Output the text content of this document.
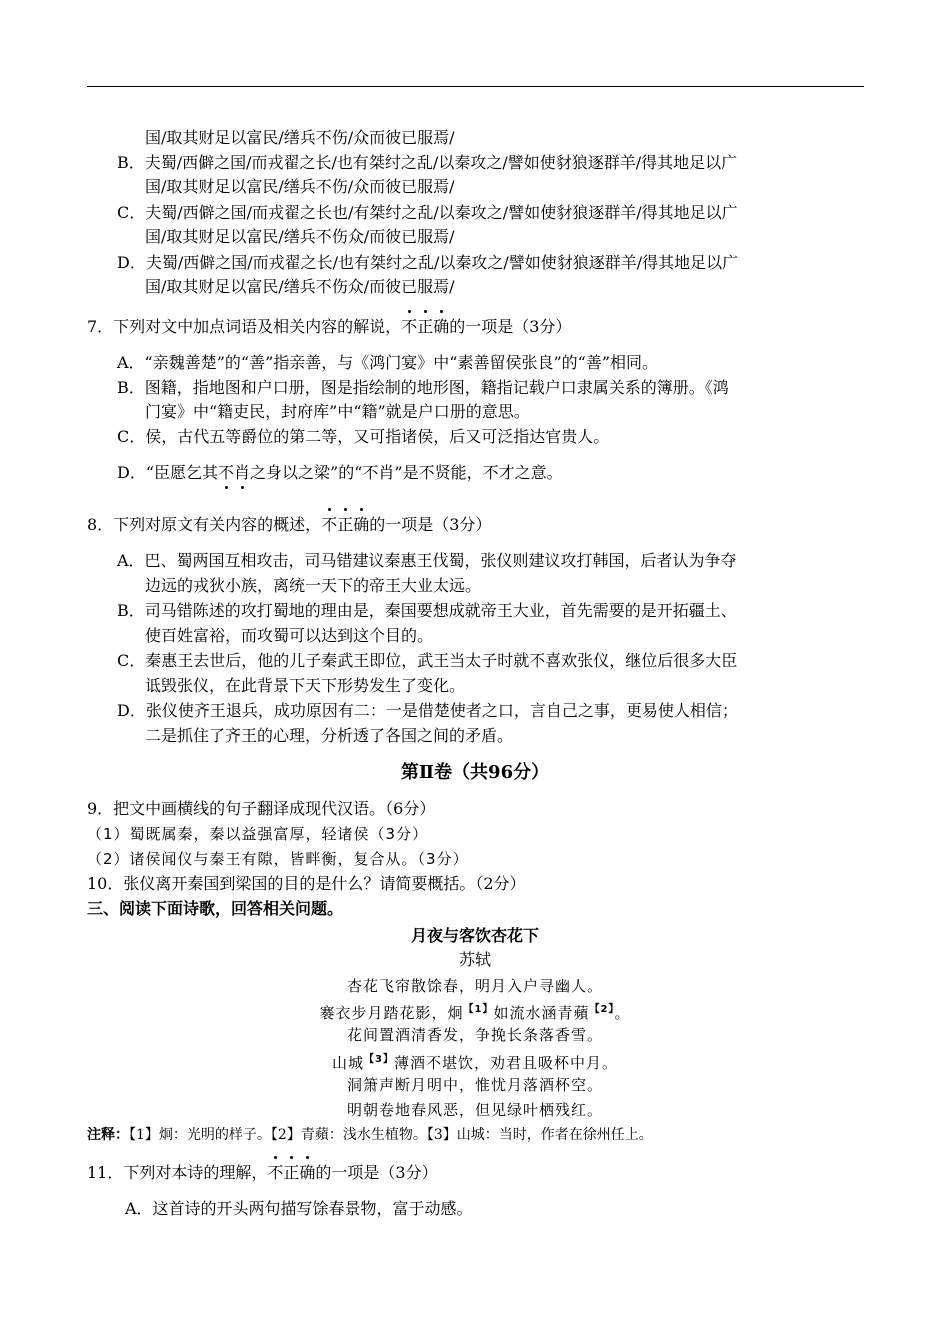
国/取其财足以富民/缮兵不伤/众而彼已服焉/
B．夫蜀/西僻之国/而戎翟之长/也有桀纣之乱/以秦攻之/譬如使豺狼逐群羊/得其地足以广
国/取其财足以富民/缮兵不伤/众而彼已服焉/
C．夫蜀/西僻之国/而戎翟之长也/有桀纣之乱/以秦攻之/譬如使豺狼逐群羊/得其地足以广
国/取其财足以富民/缮兵不伤众/而彼已服焉/
D．夫蜀/西僻之国/而戎翟之长/也有桀纣之乱/以秦攻之/譬如使豺狼逐群羊/得其地足以广
国/取其财足以富民/缮兵不伤众/而彼已服焉/
7．下列对文中加点词语及相关内容的解说，不正确的一项是（3分）
A．“亲魏善楚”的“善”指亲善，与《鸿门宴》中“素善留侯张良”的“善”相同。
B．图籍，指地图和户口册，图是指绘制的地形图，籍指记载户口隶属关系的簿册。《鸿
门宴》中“籍吏民，封府库”中“籍”就是户口册的意思。
C．侯，古代五等爵位的第二等，又可指诸侯，后又可泛指达官贵人。
D．“臣愿乞其不肖之身以之梁”的“不肖”是不贤能，不才之意。
8．下列对原文有关内容的概述，不正确的一项是（3分）
A．巴、蜀两国互相攻击，司马错建议秦惠王伐蜀，张仪则建议攻打韩国，后者认为争夺
边远的戎狄小族，离统一天下的帝王大业太远。
B．司马错陈述的攻打蜀地的理由是，秦国要想成就帝王大业，首先需要的是开拓疆土、
使百姓富裕，而攻蜀可以达到这个目的。
C．秦惠王去世后，他的儿子秦武王即位，武王当太子时就不喜欢张仪，继位后很多大臣
诋毁张仪，在此背景下天下形势发生了变化。
D．张仪使齐王退兵，成功原因有二：一是借楚使者之口，言自己之事，更易使人相信；
二是抓住了齐王的心理，分析透了各国之间的矛盾。
第Ⅱ卷（共96分）
9．把文中画横线的句子翻译成现代汉语。（6分）
（1）蜀既属秦，秦以益强富厚，轻诸侯（3分）
（2）诸侯闻仪与秦王有隙，皆畔衡，复合从。（3分）
10．张仪离开秦国到梁国的目的是什么？请简要概括。（2分）
三、阅读下面诗歌，回答相关问题。
月夜与客饮杏花下
苏轼
杏花飞帘散馀春，明月入户寻幽人。
褰衣步月踏花影，炯$^{【1】}$如流水涵青蘋$^{【2】}$。
花间置酒清香发，争挽长条落香雪。
山城$^{【3】}$薄酒不堪饮，劝君且吸杯中月。
洞箫声断月明中，惟忧月落酒杯空。
明朝卷地春风恶，但见绿叶栖残红。
注释：【1】炯：光明的样子。【2】青蘋：浅水生植物。【3】山城：当时，作者在徐州任上。
11．下列对本诗的理解，不正确的一项是（3分）
A．这首诗的开头两句描写馀春景物，富于动感。
